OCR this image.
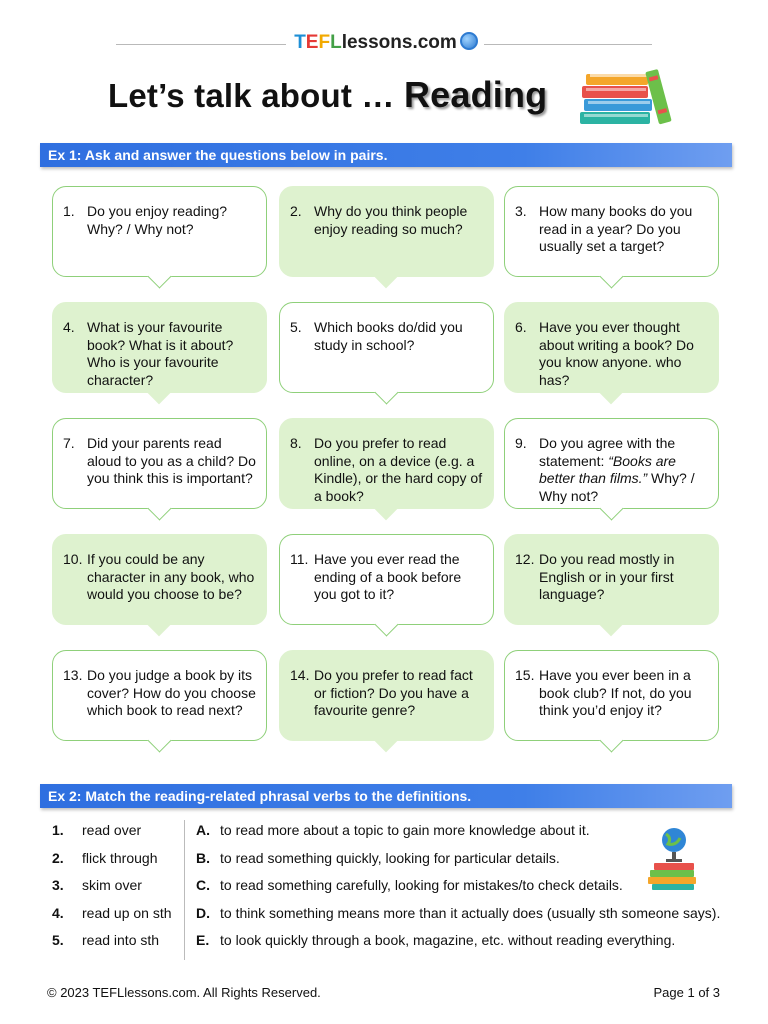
TEFLlessons.com
Let’s talk about … Reading
Ex 1: Ask and answer the questions below in pairs.
1. Do you enjoy reading? Why? / Why not?
2. Why do you think people enjoy reading so much?
3. How many books do you read in a year? Do you usually set a target?
4. What is your favourite book? What is it about? Who is your favourite character?
5. Which books do/did you study in school?
6. Have you ever thought about writing a book? Do you know anyone. who has?
7. Did your parents read aloud to you as a child? Do you think this is important?
8. Do you prefer to read online, on a device (e.g. a Kindle), or the hard copy of a book?
9. Do you agree with the statement: “Books are better than films.” Why? / Why not?
10. If you could be any character in any book, who would you choose to be?
11. Have you ever read the ending of a book before you got to it?
12. Do you read mostly in English or in your first language?
13. Do you judge a book by its cover? How do you choose which book to read next?
14. Do you prefer to read fact or fiction? Do you have a favourite genre?
15. Have you ever been in a book club? If not, do you think you’d enjoy it?
Ex 2: Match the reading-related phrasal verbs to the definitions.
1. read over
2. flick through
3. skim over
4. read up on sth
5. read into sth
A. to read more about a topic to gain more knowledge about it.
B. to read something quickly, looking for particular details.
C. to read something carefully, looking for mistakes/to check details.
D. to think something means more than it actually does (usually sth someone says).
E. to look quickly through a book, magazine, etc. without reading everything.
© 2023 TEFLlessons.com. All Rights Reserved.	Page 1 of 3
